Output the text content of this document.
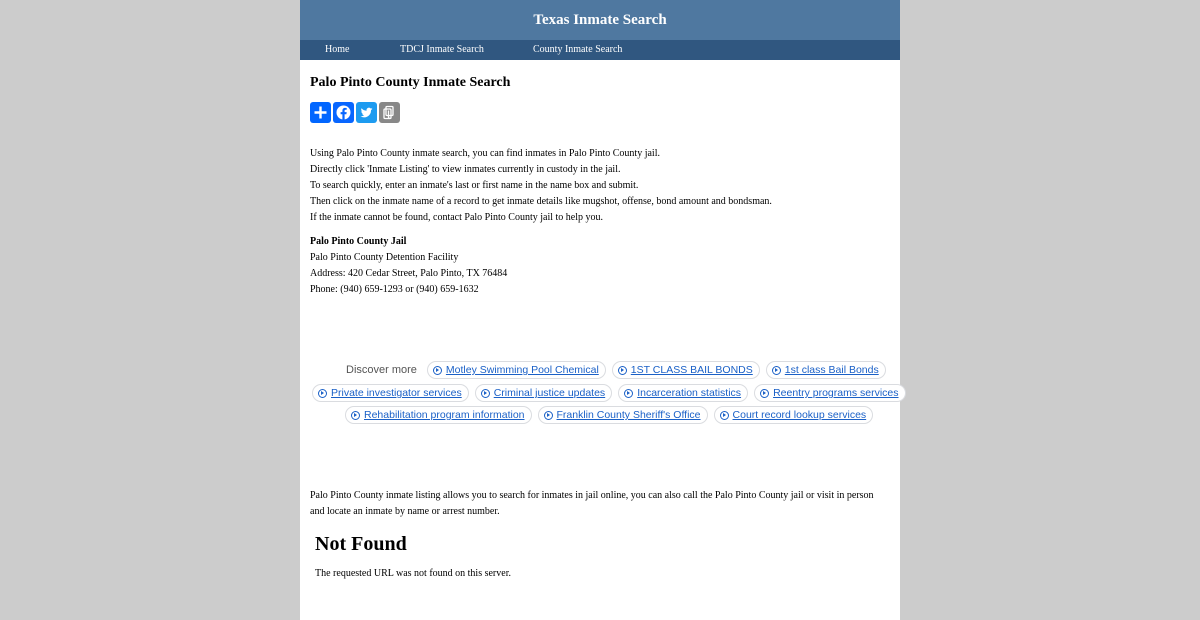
Texas Inmate Search
Home	TDCJ Inmate Search	County Inmate Search
Palo Pinto County Inmate Search
Using Palo Pinto County inmate search, you can find inmates in Palo Pinto County jail.
Directly click 'Inmate Listing' to view inmates currently in custody in the jail.
To search quickly, enter an inmate's last or first name in the name box and submit.
Then click on the inmate name of a record to get inmate details like mugshot, offense, bond amount and bondsman.
If the inmate cannot be found, contact Palo Pinto County jail to help you.
Palo Pinto County Jail
Palo Pinto County Detention Facility
Address: 420 Cedar Street, Palo Pinto, TX 76484
Phone: (940) 659-1293 or (940) 659-1632
Discover more	Motley Swimming Pool Chemical	1ST CLASS BAIL BONDS	1st class Bail Bonds
Private investigator services	Criminal justice updates	Incarceration statistics	Reentry programs services
Rehabilitation program information	Franklin County Sheriff's Office	Court record lookup services

Palo Pinto County inmate listing allows you to search for inmates in jail online, you can also call the Palo Pinto County jail or visit in person and locate an inmate by name or arrest number.

Not Found

The requested URL was not found on this server.
